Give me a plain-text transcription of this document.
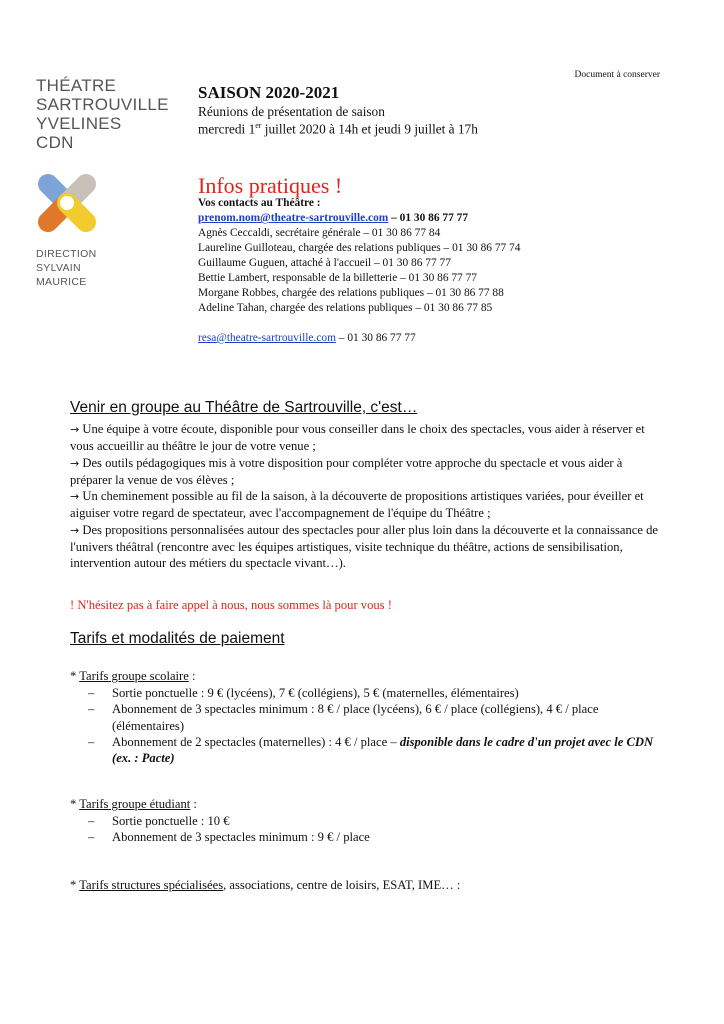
THÉATRE
SARTROUVILLE
YVELINES
CDN
DIRECTION
SYLVAIN
MAURICE
Document à conserver
SAISON 2020-2021
Réunions de présentation de saison
mercredi 1er juillet 2020 à 14h et jeudi 9 juillet à 17h
Infos pratiques !
Vos contacts au Théâtre :
prenom.nom@theatre-sartrouville.com – 01 30 86 77 77
Agnès Ceccaldi, secrétaire générale – 01 30 86 77 84
Laureline Guilloteau, chargée des relations publiques – 01 30 86 77 74
Guillaume Guguen, attaché à l'accueil – 01 30 86 77 77
Bettie Lambert, responsable de la billetterie – 01 30 86 77 77
Morgane Robbes, chargée des relations publiques – 01 30 86 77 88
Adeline Tahan, chargée des relations publiques – 01 30 86 77 85
resa@theatre-sartrouville.com – 01 30 86 77 77
Venir en groupe au Théâtre de Sartrouville, c'est…

→ Une équipe à votre écoute, disponible pour vous conseiller dans le choix des spectacles, vous aider à réserver et vous accueillir au théâtre le jour de votre venue ;

→ Des outils pédagogiques mis à votre disposition pour compléter votre approche du spectacle et vous aider à préparer la venue de vos élèves ;

→ Un cheminement possible au fil de la saison, à la découverte de propositions artistiques variées, pour éveiller et aiguiser votre regard de spectateur, avec l'accompagnement de l'équipe du Théâtre ;

→ Des propositions personnalisées autour des spectacles pour aller plus loin dans la découverte et la connaissance de l'univers théâtral (rencontre avec les équipes artistiques, visite technique du théâtre, actions de sensibilisation, intervention autour des métiers du spectacle vivant…).

! N'hésitez pas à faire appel à nous, nous sommes là pour vous !
Tarifs et modalités de paiement
* Tarifs groupe scolaire :
– Sortie ponctuelle : 9 € (lycéens), 7 € (collégiens), 5 € (maternelles, élémentaires)
– Abonnement de 3 spectacles minimum : 8 € / place (lycéens), 6 € / place (collégiens), 4 € / place (élémentaires)
– Abonnement de 2 spectacles (maternelles) : 4 € / place – disponible dans le cadre d'un projet avec le CDN (ex. : Pacte)
* Tarifs groupe étudiant :
– Sortie ponctuelle : 10 €
– Abonnement de 3 spectacles minimum : 9 € / place
* Tarifs structures spécialisées, associations, centre de loisirs, ESAT, IME… :
